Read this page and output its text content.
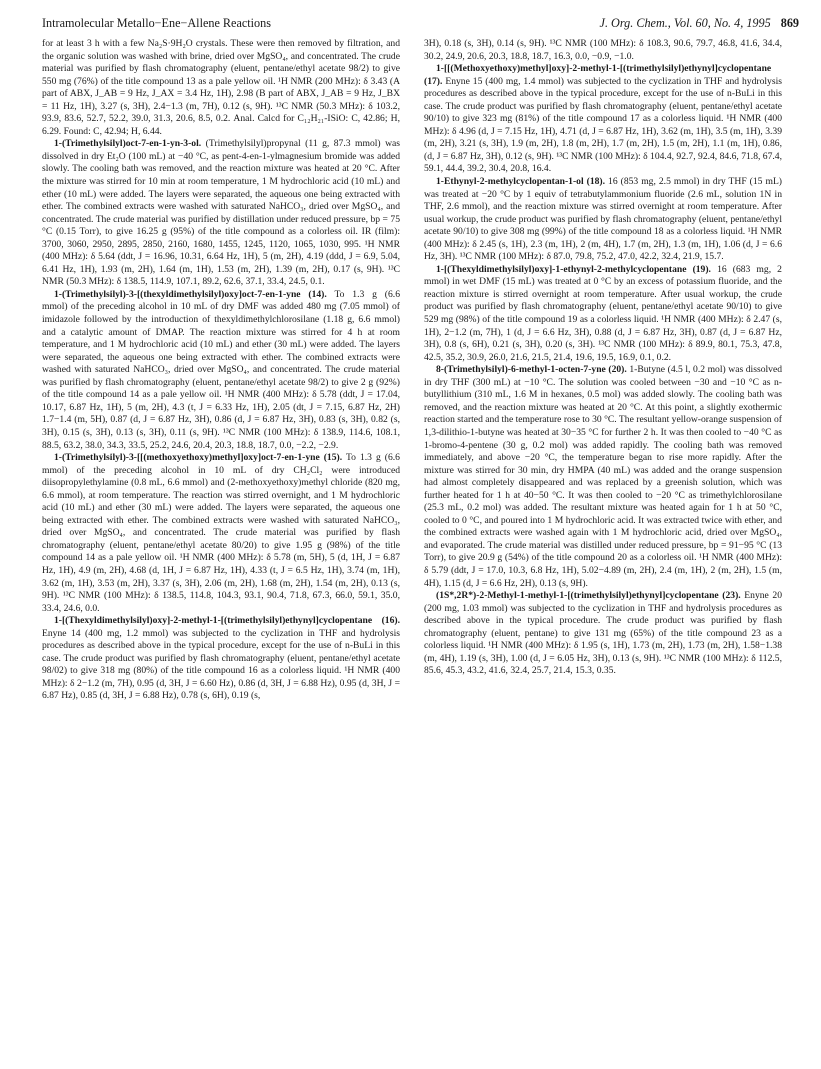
Intramolecular Metallo−Ene−Allene Reactions	J. Org. Chem., Vol. 60, No. 4, 1995 869

for at least 3 h with a few Na₂S·9H₂O crystals. These were then removed by filtration, and the organic solution was washed with brine, dried over MgSO₄, and concentrated. The crude material was purified by flash chromatography (eluent, pentane/ethyl acetate 98/2) to give 550 mg (76%) of the title compound 13 as a pale yellow oil. ¹H NMR (200 MHz): δ 3.43 (A part of ABX, J_AB = 9 Hz, J_AX = 3.4 Hz, 1H), 2.98 (B part of ABX, J_AB = 9 Hz, J_BX = 11 Hz, 1H), 3.27 (s, 3H), 2.4−1.3 (m, 7H), 0.12 (s, 9H). ¹³C NMR (50.3 MHz): δ 103.2, 93.9, 83.6, 52.7, 52.2, 39.0, 31.3, 20.6, 8.5, 0.2. Anal. Calcd for C₁₂H₂₁-ISiO: C, 42.86; H, 6.29. Found: C, 42.94; H, 6.44.

1-(Trimethylsilyl)oct-7-en-1-yn-3-ol. (Trimethylsilyl)propynal (11 g, 87.3 mmol) was dissolved in dry Et₂O (100 mL) at −40 °C, as pent-4-en-1-ylmagnesium bromide was added slowly. The cooling bath was removed, and the reaction mixture was heated at 20 °C. After the mixture was stirred for 10 min at room temperature, 1 M hydrochloric acid (10 mL) and ether (10 mL) were added. The layers were separated, the aqueous one being extracted with ether. The combined extracts were washed with saturated NaHCO₃, dried over MgSO₄, and concentrated. The crude material was purified by distillation under reduced pressure, bp = 75 °C (0.15 Torr), to give 16.25 g (95%) of the title compound as a colorless oil. IR (film): 3700, 3060, 2950, 2895, 2850, 2160, 1680, 1455, 1245, 1120, 1065, 1030, 995. ¹H NMR (400 MHz): δ 5.64 (ddt, J = 16.96, 10.31, 6.64 Hz, 1H), 5 (m, 2H), 4.19 (ddd, J = 6.9, 5.04, 6.41 Hz, 1H), 1.93 (m, 2H), 1.64 (m, 1H), 1.53 (m, 2H), 1.39 (m, 2H), 0.17 (s, 9H). ¹³C NMR (50.3 MHz): δ 138.5, 114.9, 107.1, 89.2, 62.6, 37.1, 33.4, 24.5, 0.1.

1-(Trimethylsilyl)-3-[(thexyldimethylsilyl)oxy]oct-7-en-1-yne (14). To 1.3 g (6.6 mmol) of the preceding alcohol in 10 mL of dry DMF was added 480 mg (7.05 mmol) of imidazole followed by the introduction of thexyldimethylchlorosilane (1.18 g, 6.6 mmol) and a catalytic amount of DMAP. The reaction mixture was stirred for 4 h at room temperature, and 1 M hydrochloric acid (10 mL) and ether (30 mL) were added. The layers were separated, the aqueous one being extracted with ether. The combined extracts were washed with saturated NaHCO₃, dried over MgSO₄, and concentrated. The crude material was purified by flash chromatography (eluent, pentane/ethyl acetate 98/2) to give 2 g (92%) of the title compound 14 as a pale yellow oil. ¹H NMR (400 MHz): δ 5.78 (ddt, J = 17.04, 10.17, 6.87 Hz, 1H), 5 (m, 2H), 4.3 (t, J = 6.33 Hz, 1H), 2.05 (dt, J = 7.15, 6.87 Hz, 2H) 1.7−1.4 (m, 5H), 0.87 (d, J = 6.87 Hz, 3H), 0.86 (d, J = 6.87 Hz, 3H), 0.83 (s, 3H), 0.82 (s, 3H), 0.15 (s, 3H), 0.13 (s, 3H), 0.11 (s, 9H). ¹³C NMR (100 MHz): δ 138.9, 114.6, 108.1, 88.5, 63.2, 38.0, 34.3, 33.5, 25.2, 24.6, 20.4, 20.3, 18.8, 18.7, 0.0, −2.2, −2.9.

1-(Trimethylsilyl)-3-[[(methoxyethoxy)methyl]oxy]oct-7-en-1-yne (15). To 1.3 g (6.6 mmol) of the preceding alcohol in 10 mL of dry CH₂Cl₂ were introduced diisopropylethylamine (0.8 mL, 6.6 mmol) and (2-methoxyethoxy)methyl chloride (820 mg, 6.6 mmol), at room temperature. The reaction was stirred overnight, and 1 M hydrochloric acid (10 mL) and ether (30 mL) were added. The layers were separated, the aqueous one being extracted with ether. The combined extracts were washed with saturated NaHCO₃, dried over MgSO₄, and concentrated. The crude material was purified by flash chromatography (eluent, pentane/ethyl acetate 80/20) to give 1.95 g (98%) of the title compound 14 as a pale yellow oil. ¹H NMR (400 MHz): δ 5.78 (m, 5H), 5 (d, 1H, J = 6.87 Hz, 1H), 4.9 (m, 2H), 4.68 (d, 1H, J = 6.87 Hz, 1H), 4.33 (t, J = 6.5 Hz, 1H), 3.74 (m, 1H), 3.62 (m, 1H), 3.53 (m, 2H), 3.37 (s, 3H), 2.06 (m, 2H), 1.68 (m, 2H), 1.54 (m, 2H), 0.13 (s, 9H). ¹³C NMR (100 MHz): δ 138.5, 114.8, 104.3, 93.1, 90.4, 71.8, 67.3, 66.0, 59.1, 35.0, 33.4, 24.6, 0.0.

1-[(Thexyldimethylsilyl)oxy]-2-methyl-1-[(trimethylsilyl)ethynyl]cyclopentane (16). Enyne 14 (400 mg, 1.2 mmol) was subjected to the cyclization in THF and hydrolysis procedures as described above in the typical procedure, except for the use of n-BuLi in this case. The crude product was purified by flash chromatography (eluent, pentane/ethyl acetate 98/02) to give 318 mg (80%) of the title compound 16 as a colorless liquid. ¹H NMR (400 MHz): δ 2−1.2 (m, 7H), 0.95 (d, 3H, J = 6.60 Hz), 0.86 (d, 3H, J = 6.88 Hz), 0.95 (d, 3H, J = 6.87 Hz), 0.85 (d, 3H, J = 6.88 Hz), 0.78 (s, 6H), 0.19 (s,

3H), 0.18 (s, 3H), 0.14 (s, 9H). ¹³C NMR (100 MHz): δ 108.3, 90.6, 79.7, 46.8, 41.6, 34.4, 30.2, 24.9, 20.6, 20.3, 18.8, 18.7, 16.3, 0.0, −0.9, −1.0.

1-[[(Methoxyethoxy)methyl]oxy]-2-methyl-1-[(trimethylsilyl)ethynyl]cyclopentane (17). Enyne 15 (400 mg, 1.4 mmol) was subjected to the cyclization in THF and hydrolysis procedures as described above in the typical procedure, except for the use of n-BuLi in this case. The crude product was purified by flash chromatography (eluent, pentane/ethyl acetate 90/10) to give 323 mg (81%) of the title compound 17 as a colorless liquid. ¹H NMR (400 MHz): δ 4.96 (d, J = 7.15 Hz, 1H), 4.71 (d, J = 6.87 Hz, 1H), 3.62 (m, 1H), 3.5 (m, 1H), 3.39 (m, 2H), 3.21 (s, 3H), 1.9 (m, 2H), 1.8 (m, 2H), 1.7 (m, 2H), 1.5 (m, 2H), 1.1 (m, 1H), 0.86, (d, J = 6.87 Hz, 3H), 0.12 (s, 9H). ¹³C NMR (100 MHz): δ 104.4, 92.7, 92.4, 84.6, 71.8, 67.4, 59.1, 44.4, 39.2, 30.4, 20.8, 16.4.

1-Ethynyl-2-methylcyclopentan-1-ol (18). 16 (853 mg, 2.5 mmol) in dry THF (15 mL) was treated at −20 °C by 1 equiv of tetrabutylammonium fluoride (2.6 mL, solution 1N in THF, 2.6 mmol), and the reaction mixture was stirred overnight at room temperature. After usual workup, the crude product was purified by flash chromatography (eluent, pentane/ethyl acetate 90/10) to give 308 mg (99%) of the title compound 18 as a colorless liquid. ¹H NMR (400 MHz): δ 2.45 (s, 1H), 2.3 (m, 1H), 2 (m, 4H), 1.7 (m, 2H), 1.3 (m, 1H), 1.06 (d, J = 6.6 Hz, 3H). ¹³C NMR (100 MHz): δ 87.0, 79.8, 75.2, 47.0, 42.2, 32.4, 21.9, 15.7.

1-[(Thexyldimethylsilyl)oxy]-1-ethynyl-2-methylcyclopentane (19). 16 (683 mg, 2 mmol) in wet DMF (15 mL) was treated at 0 °C by an excess of potassium fluoride, and the reaction mixture is stirred overnight at room temperature. After usual workup, the crude product was purified by flash chromatography (eluent, pentane/ethyl acetate 90/10) to give 529 mg (98%) of the title compound 19 as a colorless liquid. ¹H NMR (400 MHz): δ 2.47 (s, 1H), 2−1.2 (m, 7H), 1 (d, J = 6.6 Hz, 3H), 0.88 (d, J = 6.87 Hz, 3H), 0.87 (d, J = 6.87 Hz, 3H), 0.8 (s, 6H), 0.21 (s, 3H), 0.20 (s, 3H). ¹³C NMR (100 MHz): δ 89.9, 80.1, 75.3, 47.8, 42.5, 35.2, 30.9, 26.0, 21.6, 21.5, 21.4, 19.6, 19.5, 16.9, 0.1, 0.2.

8-(Trimethylsilyl)-6-methyl-1-octen-7-yne (20). 1-Butyne (4.5 l, 0.2 mol) was dissolved in dry THF (300 mL) at −10 °C. The solution was cooled between −30 and −10 °C as n-butyllithium (310 mL, 1.6 M in hexanes, 0.5 mol) was added slowly. The cooling bath was removed, and the reaction mixture was heated at 20 °C. At this point, a slightly exothermic reaction started and the temperature rose to 30 °C. The resultant yellow-orange suspension of 1,3-dilithio-1-butyne was heated at 30−35 °C for further 2 h. It was then cooled to −40 °C as 1-bromo-4-pentene (30 g, 0.2 mol) was added rapidly. The cooling bath was removed immediately, and above −20 °C, the temperature began to rise more rapidly. After the mixture was stirred for 30 min, dry HMPA (40 mL) was added and the orange suspension had almost completely disappeared and was replaced by a greenish solution, which was further heated for 1 h at 40−50 °C. It was then cooled to −20 °C as trimethylchlorosilane (25.3 mL, 0.2 mol) was added. The resultant mixture was heated again for 1 h at 50 °C, cooled to 0 °C, and poured into 1 M hydrochloric acid. It was extracted twice with ether, and the combined extracts were washed again with 1 M hydrochloric acid, dried over MgSO₄, and evaporated. The crude material was distilled under reduced pressure, bp = 91−95 °C (13 Torr), to give 20.9 g (54%) of the title compound 20 as a colorless oil. ¹H NMR (400 MHz): δ 5.79 (ddt, J = 17.0, 10.3, 6.8 Hz, 1H), 5.02−4.89 (m, 2H), 2.4 (m, 1H), 2 (m, 2H), 1.5 (m, 4H), 1.15 (d, J = 6.6 Hz, 2H), 0.13 (s, 9H).

(1S*,2R*)-2-Methyl-1-methyl-1-[(trimethylsilyl)ethynyl]cyclopentane (23). Enyne 20 (200 mg, 1.03 mmol) was subjected to the cyclization in THF and hydrolysis procedures as described above in the typical procedure. The crude product was purified by flash chromatography (eluent, pentane) to give 131 mg (65%) of the title compound 23 as a colorless liquid. ¹H NMR (400 MHz): δ 1.95 (s, 1H), 1.73 (m, 2H), 1.73 (m, 2H), 1.58−1.38 (m, 4H), 1.19 (s, 3H), 1.00 (d, J = 6.05 Hz, 3H), 0.13 (s, 9H). ¹³C NMR (100 MHz): δ 112.5, 85.6, 45.3, 43.2, 41.6, 32.4, 25.7, 21.4, 15.3, 0.35.
